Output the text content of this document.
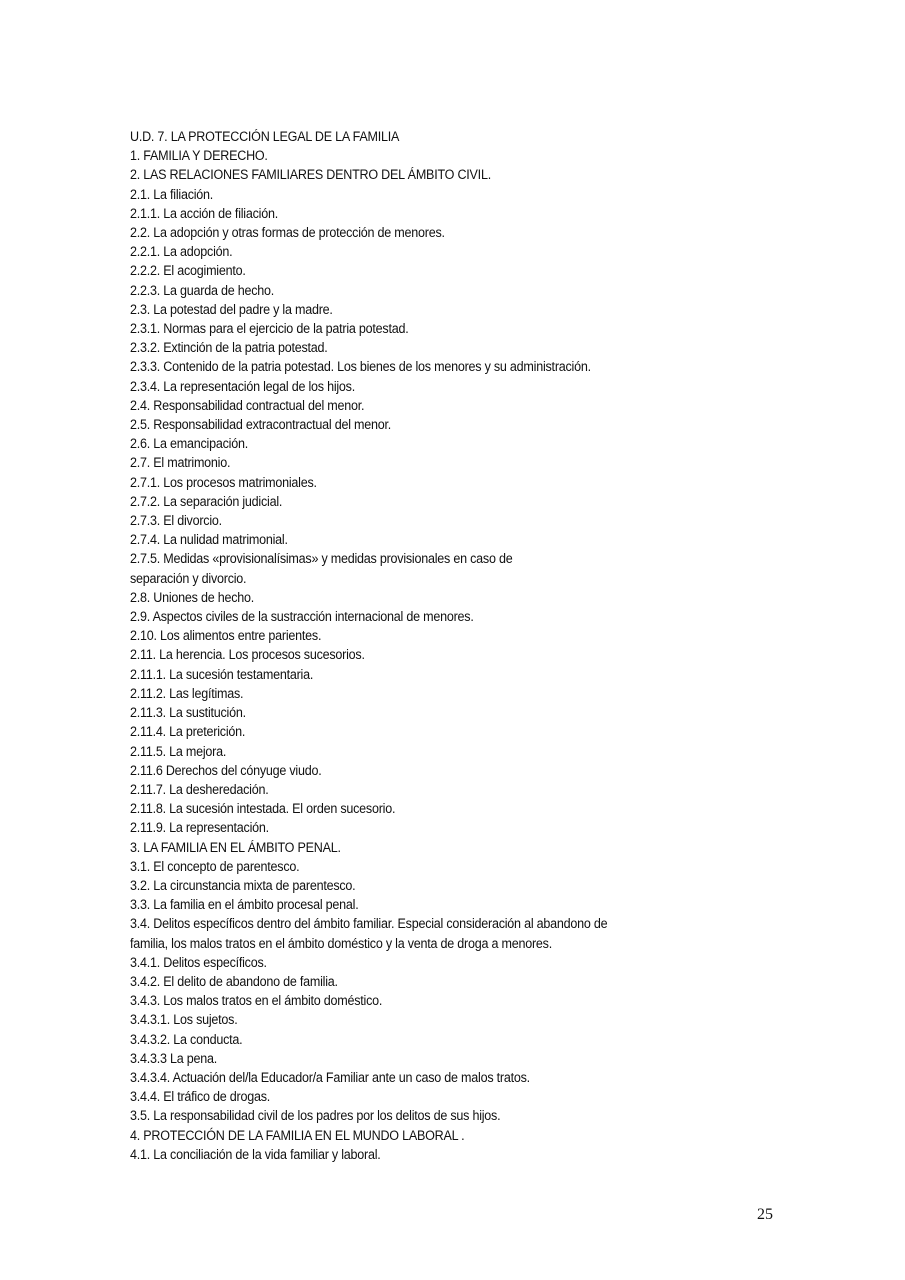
U.D. 7. LA PROTECCIÓN LEGAL DE LA FAMILIA

1. FAMILIA Y DERECHO.

2. LAS RELACIONES FAMILIARES DENTRO DEL ÁMBITO CIVIL.

2.1. La filiación.

2.1.1. La acción de filiación.

2.2. La adopción y otras formas de protección de menores.

2.2.1. La adopción.

2.2.2. El acogimiento.

2.2.3. La guarda de hecho.

2.3. La potestad del padre y la madre.

2.3.1. Normas para el ejercicio de la patria potestad.

2.3.2. Extinción de la patria potestad.

2.3.3. Contenido de la patria potestad. Los bienes de los menores y su administración.

2.3.4. La representación legal de los hijos.

2.4. Responsabilidad contractual del menor.

2.5. Responsabilidad extracontractual del menor.

2.6. La emancipación.

2.7. El matrimonio.

2.7.1. Los procesos matrimoniales.

2.7.2. La separación judicial.

2.7.3. El divorcio.

2.7.4. La nulidad matrimonial.

2.7.5. Medidas «provisionalísimas» y medidas provisionales en caso de

separación y divorcio.

2.8. Uniones de hecho.

2.9. Aspectos civiles de la sustracción internacional de menores.

2.10. Los alimentos entre parientes.

2.11. La herencia. Los procesos sucesorios.

2.11.1. La sucesión testamentaria.

2.11.2. Las legítimas.

2.11.3. La sustitución.

2.11.4. La preterición.

2.11.5. La mejora.

2.11.6 Derechos del cónyuge viudo.

2.11.7. La desheredación.

2.11.8. La sucesión intestada. El orden sucesorio.

2.11.9. La representación.

3. LA FAMILIA EN EL ÁMBITO PENAL.

3.1. El concepto de parentesco.

3.2. La circunstancia mixta de parentesco.

3.3. La familia en el ámbito procesal penal.

3.4. Delitos específicos dentro del ámbito familiar. Especial consideración al abandono de

familia, los malos tratos en el ámbito doméstico y la venta de droga a menores.

3.4.1. Delitos específicos.

3.4.2. El delito de abandono de familia.

3.4.3. Los malos tratos en el ámbito doméstico.

3.4.3.1. Los sujetos.

3.4.3.2. La conducta.

3.4.3.3 La pena.

3.4.3.4. Actuación del/la Educador/a Familiar ante un caso de malos tratos.

3.4.4. El tráfico de drogas.

3.5. La responsabilidad civil de los padres por los delitos de sus hijos.

4. PROTECCIÓN DE LA FAMILIA EN EL MUNDO LABORAL .

4.1. La conciliación de la vida familiar y laboral.

25
